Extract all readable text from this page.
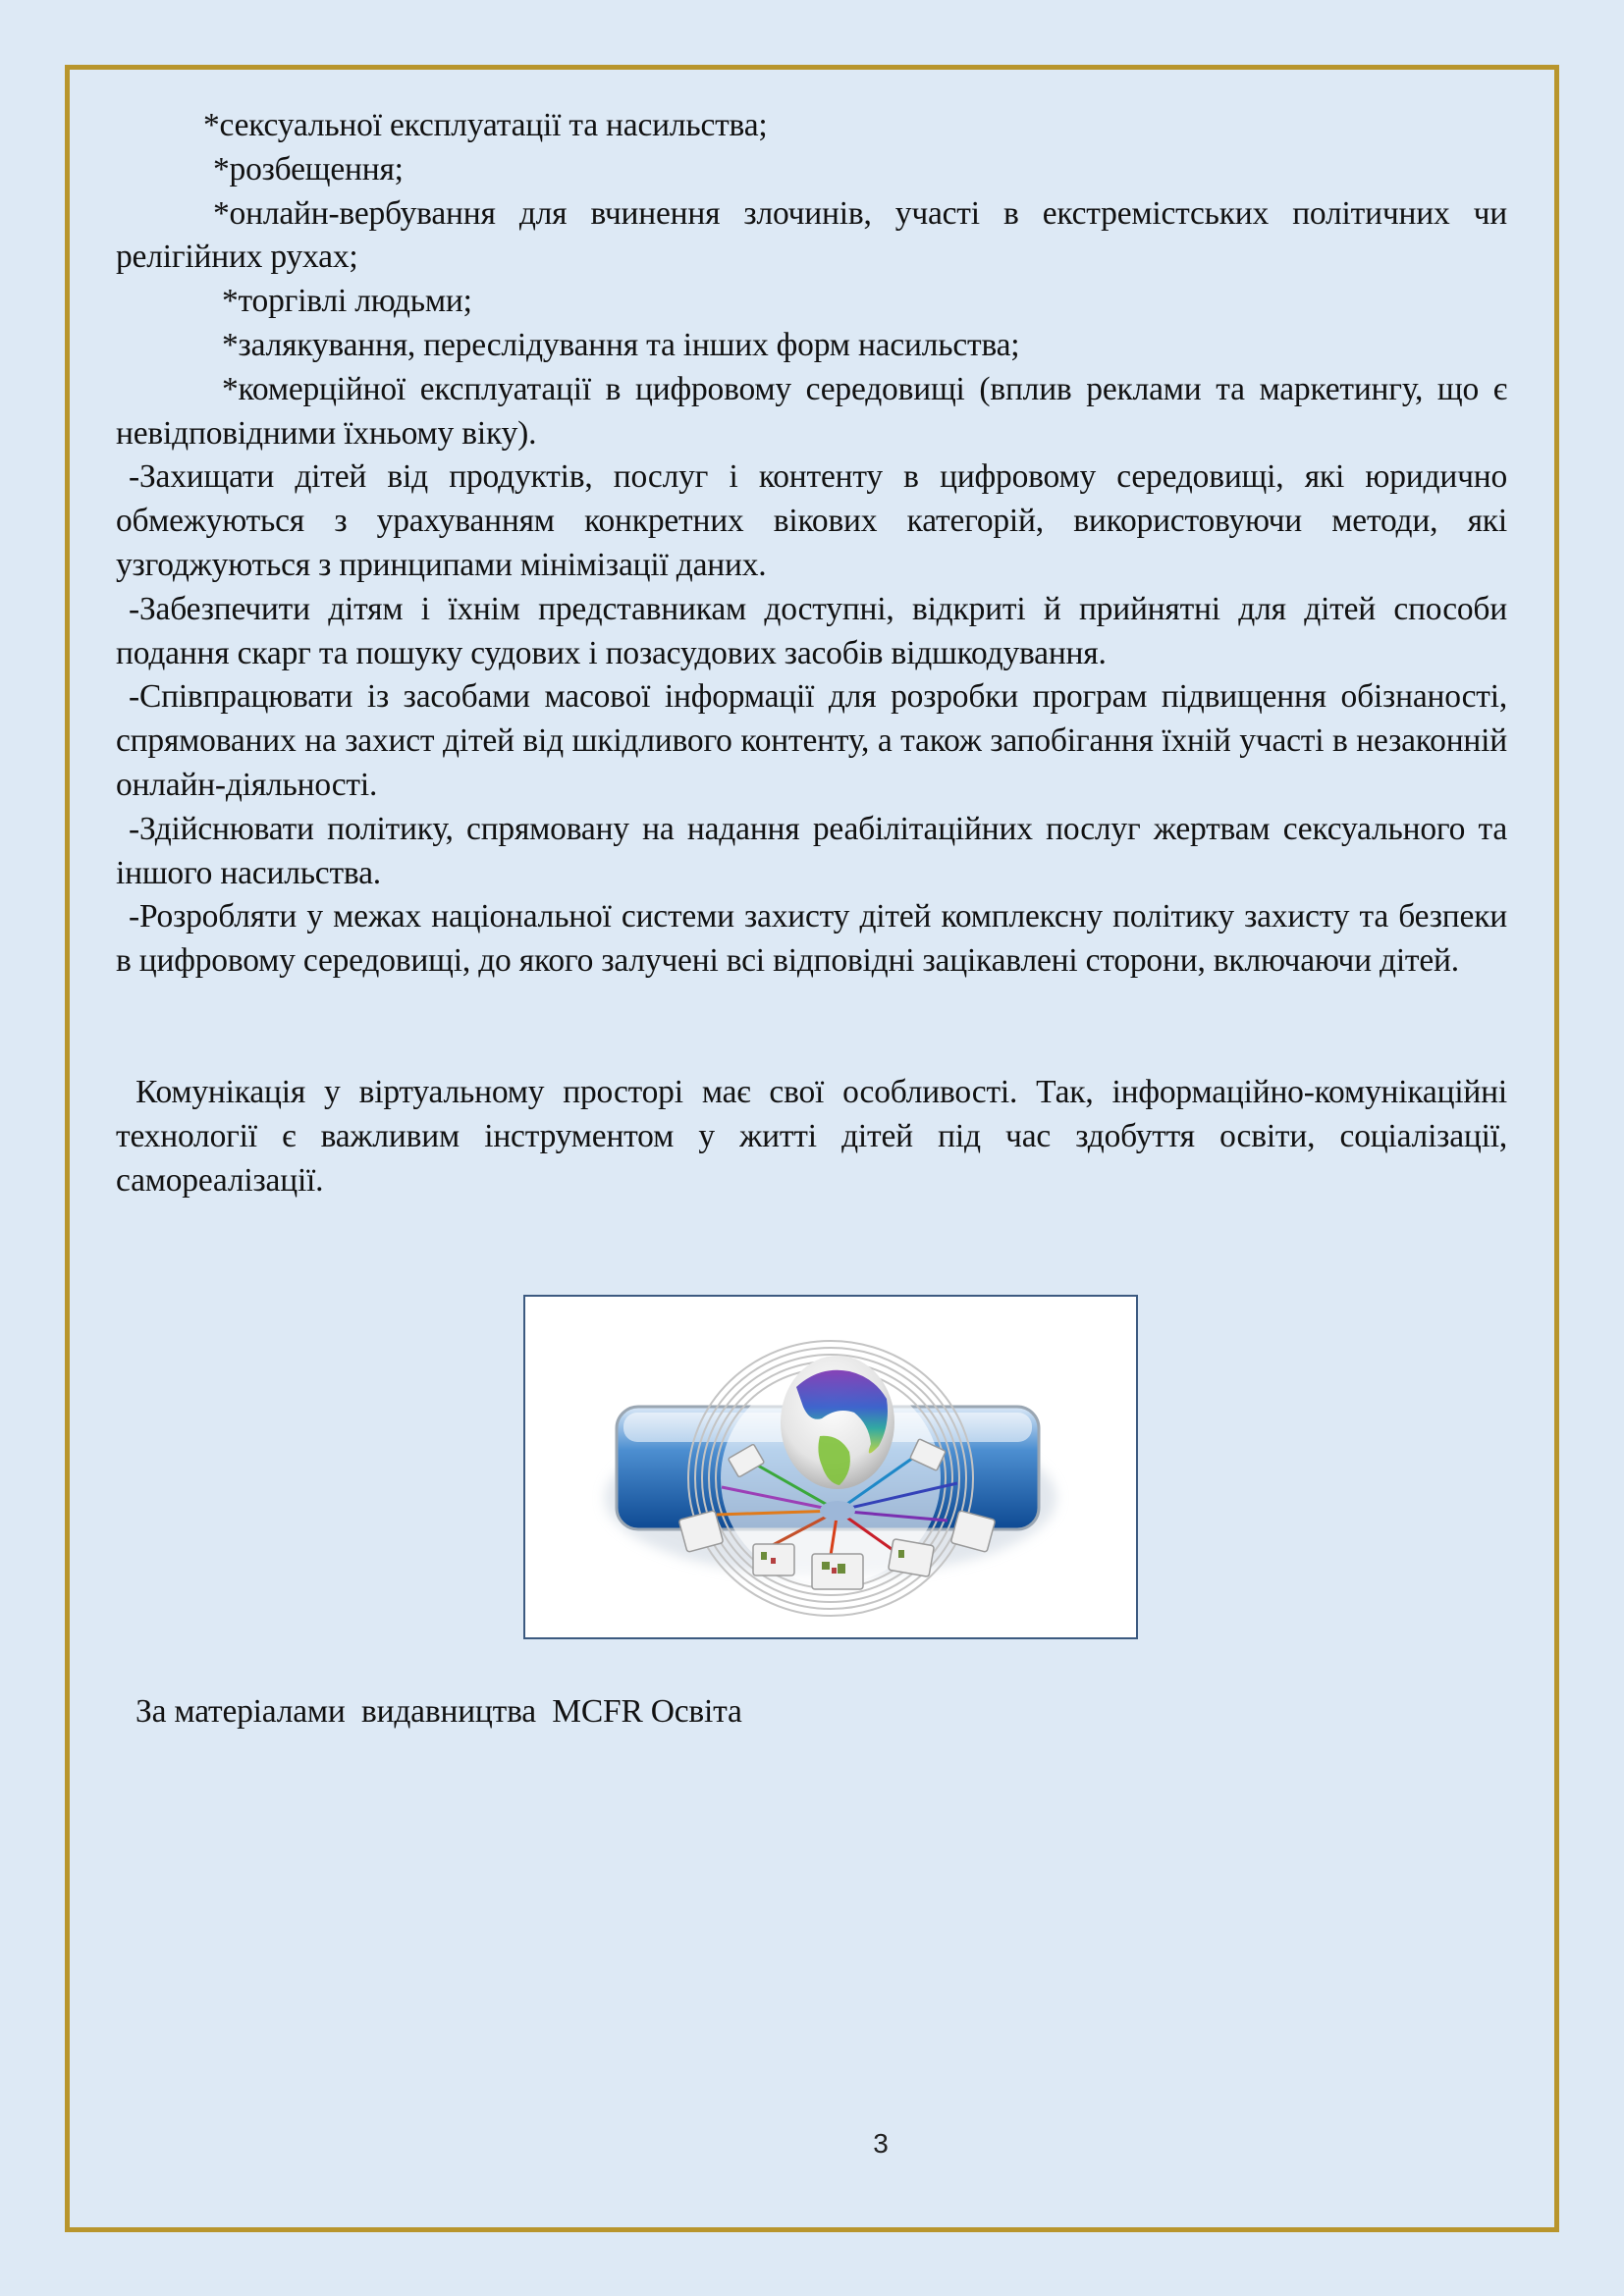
*сексуальної експлуатації та насильства;

*розбещення;

*онлайн-вербування для вчинення злочинів, участі в екстремістських політичних чи релігійних рухах;

*торгівлі людьми;

*залякування, переслідування та інших форм насильства;

*комерційної експлуатації в цифровому середовищі (вплив реклами та маркетингу, що є невідповідними їхньому віку).

-Захищати дітей від продуктів, послуг і контенту в цифровому середовищі, які юридично обмежуються з урахуванням конкретних вікових категорій, використовуючи методи, які узгоджуються з принципами мінімізації даних.

-Забезпечити дітям і їхнім представникам доступні, відкриті й прийнятні для дітей способи подання скарг та пошуку судових і позасудових засобів відшкодування.

-Співпрацювати із засобами масової інформації для розробки програм підвищення обізнаності, спрямованих на захист дітей від шкідливого контенту, а також запобігання їхній участі в незаконній онлайн-діяльності.

-Здійснювати політику, спрямовану на надання реабілітаційних послуг жертвам сексуального та іншого насильства.

-Розробляти у межах національної системи захисту дітей комплексну політику захисту та безпеки в цифровому середовищі, до якого залучені всі відповідні зацікавлені сторони, включаючи дітей.

Комунікація у віртуальному просторі має свої особливості. Так, інформаційно-комунікаційні технології є важливим інструментом у житті дітей під час здобуття освіти, соціалізації, самореалізації.

За матеріалами  видавництва  MCFR Освіта
3
